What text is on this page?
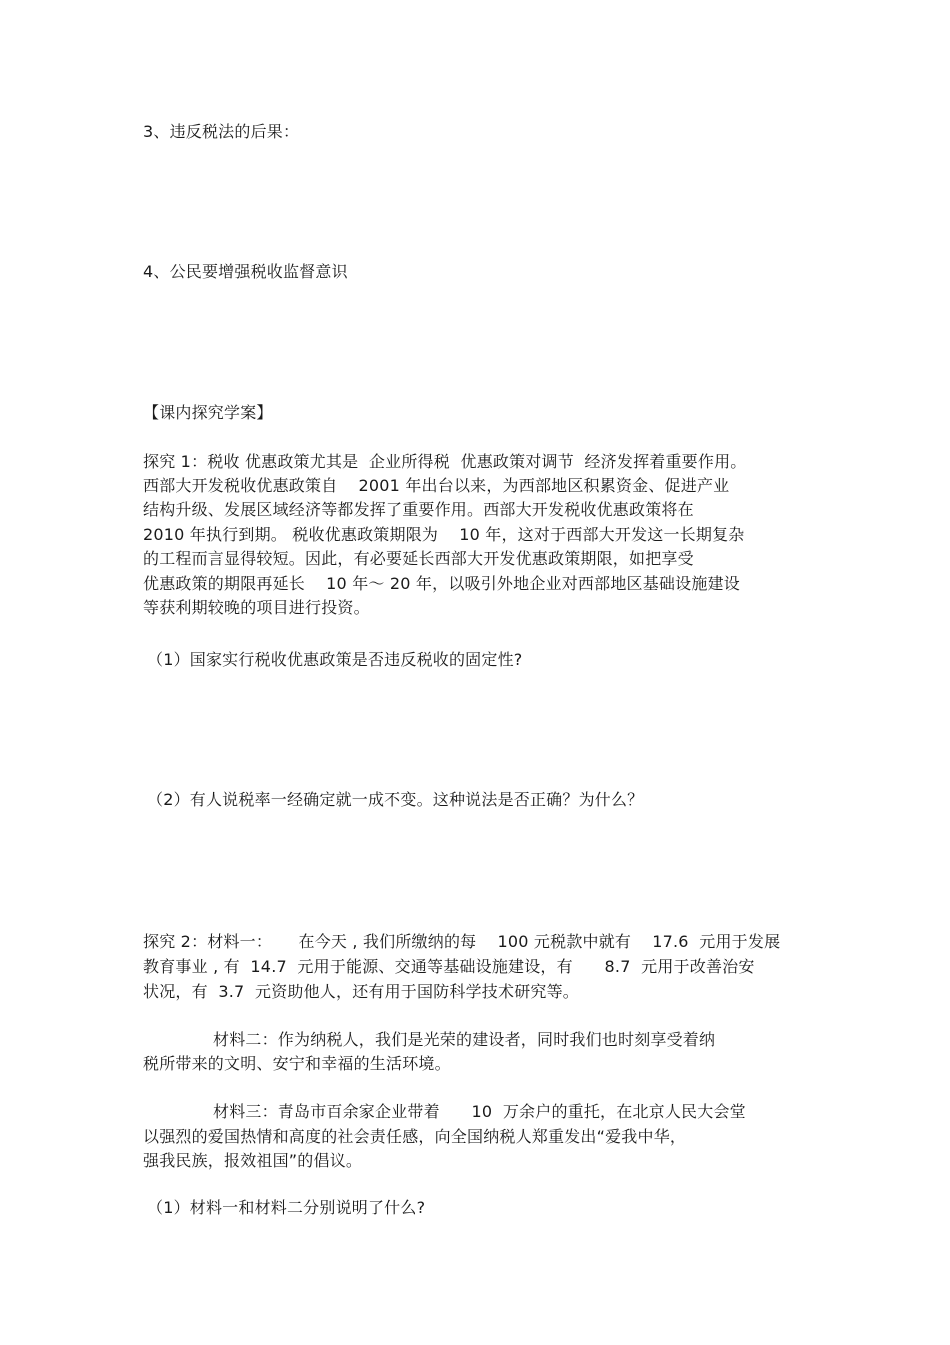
3、违反税法的后果：
4、公民要增强税收监督意识
【课内探究学案】
探究 1：税收 优惠政策尤其是  企业所得税  优惠政策对调节  经济发挥着重要作用。
西部大开发税收优惠政策自    2001 年出台以来，为西部地区积累资金、促进产业
结构升级、发展区域经济等都发挥了重要作用。西部大开发税收优惠政策将在
2010 年执行到期。 税收优惠政策期限为    10 年，这对于西部大开发这一长期复杂
的工程而言显得较短。因此，有必要延长西部大开发优惠政策期限，如把享受
优惠政策的期限再延长    10 年～ 20 年，以吸引外地企业对西部地区基础设施建设
等获利期较晚的项目进行投资。
（1）国家实行税收优惠政策是否违反税收的固定性?
（2）有人说税率一经确定就一成不变。这种说法是否正确？为什么？
探究 2：材料一：     在今天 , 我们所缴纳的每    100 元税款中就有    17.6  元用于发展
教育事业 , 有  14.7  元用于能源、交通等基础设施建设，有      8.7  元用于改善治安
状况，有  3.7  元资助他人，还有用于国防科学技术研究等。
材料二：作为纳税人，我们是光荣的建设者，同时我们也时刻享受着纳
税所带来的文明、安宁和幸福的生活环境。
材料三：青岛市百余家企业带着      10  万余户的重托，在北京人民大会堂
以强烈的爱国热情和高度的社会责任感，向全国纳税人郑重发出“爱我中华，
强我民族，报效祖国”的倡议。
（1）材料一和材料二分别说明了什么?
